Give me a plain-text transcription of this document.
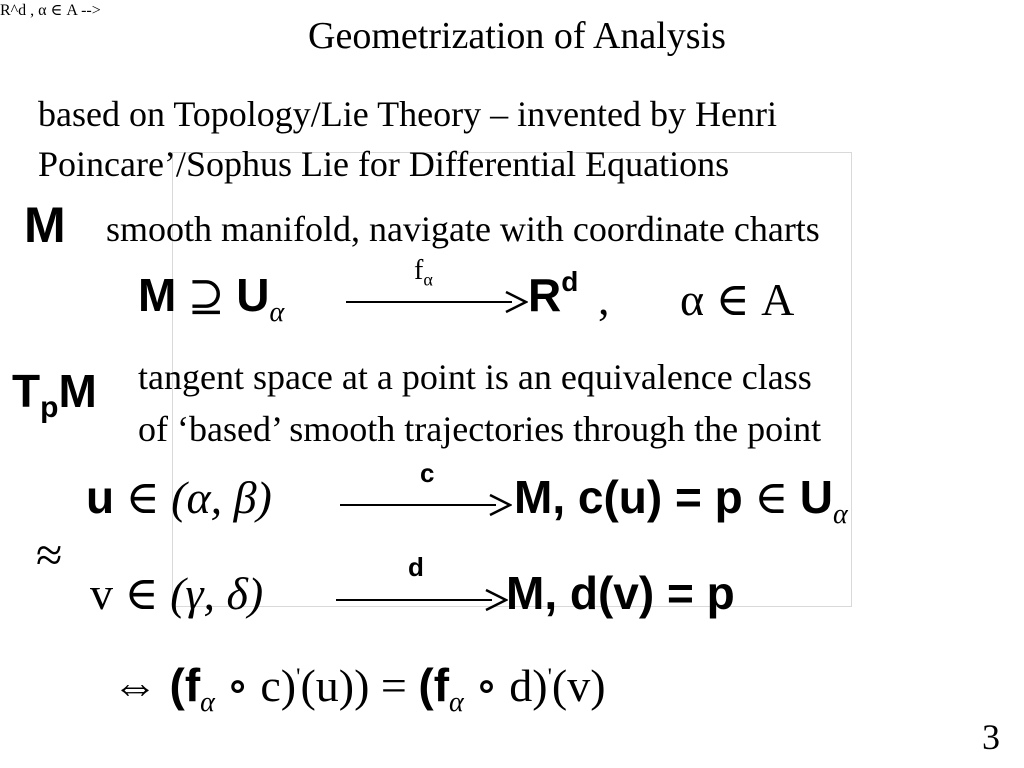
Geometrization of Analysis
based on Topology/Lie Theory – invented by Henri
Poincare’/Sophus Lie for Differential Equations
M smooth manifold, navigate with coordinate charts
R^d , α ∈ A -->
M ⊇ $U_\alpha$
$f_\alpha$ $R^d$ , α ∈ A
$T_pM$ tangent space at a point is an equivalence class
of ‘based’ smooth trajectories through the point
u ∈ (α, β)	c M, c(u) = p ∈ $U_\alpha$
≈
v ∈ (γ, δ)
d M, d(v) = p
⇔ ($f_\alpha$ ∘ $c)'(u)) = (f_\alpha$ ∘ d)'(v)
3
